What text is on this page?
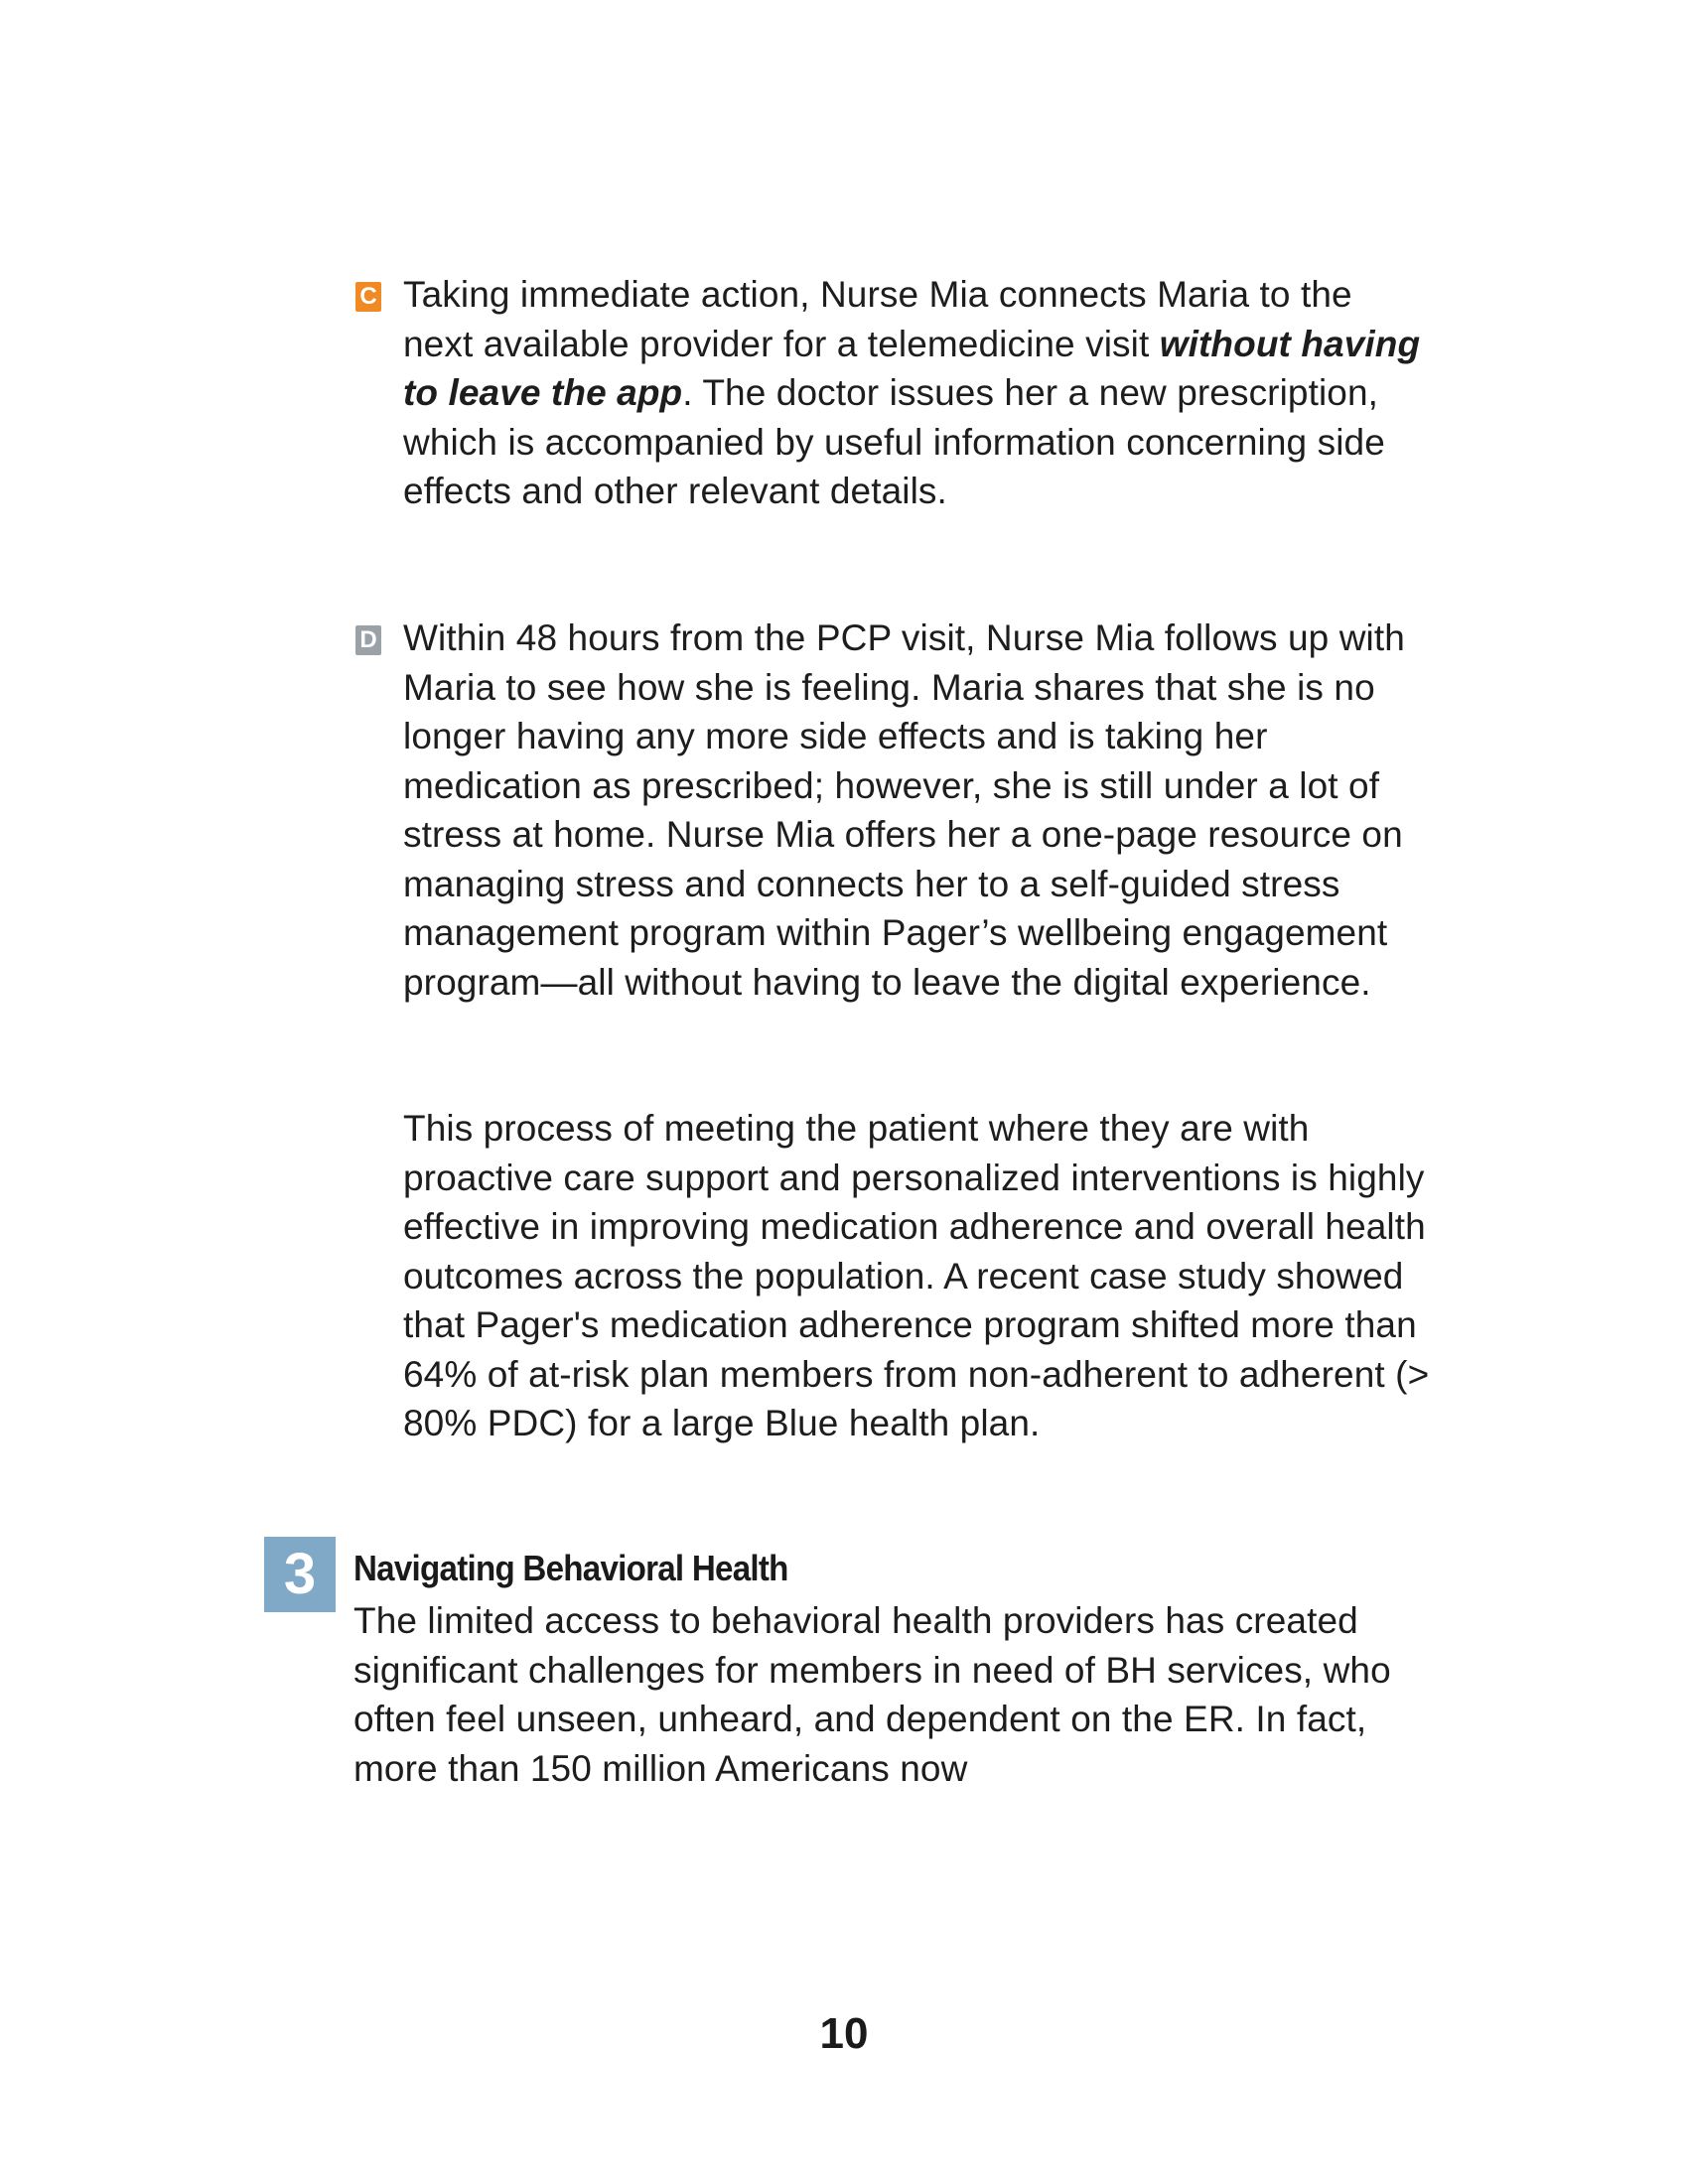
C Taking immediate action, Nurse Mia connects Maria to the next available provider for a telemedicine visit without having to leave the app. The doctor issues her a new prescription, which is accompanied by useful information concerning side effects and other relevant details.

D Within 48 hours from the PCP visit, Nurse Mia follows up with Maria to see how she is feeling. Maria shares that she is no longer having any more side effects and is taking her medication as prescribed; however, she is still under a lot of stress at home. Nurse Mia offers her a one-page resource on managing stress and connects her to a self-guided stress management program within Pager’s wellbeing engagement program—all without having to leave the digital experience.

This process of meeting the patient where they are with proactive care support and personalized interventions is highly effective in improving medication adherence and overall health outcomes across the population. A recent case study showed that Pager's medication adherence program shifted more than 64% of at-risk plan members from non-adherent to adherent (> 80% PDC) for a large Blue health plan.

3	Navigating Behavioral Health

The limited access to behavioral health providers has created significant challenges for members in need of BH services, who often feel unseen, unheard, and dependent on the ER. In fact, more than 150 million Americans now

10
